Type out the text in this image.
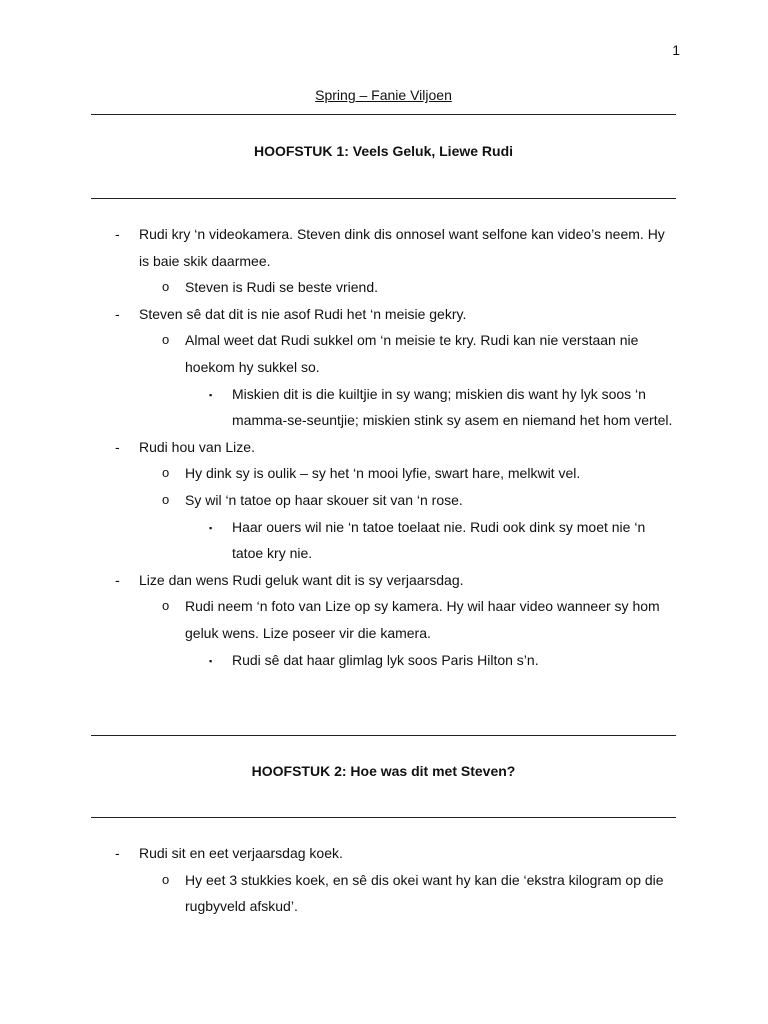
1
Spring – Fanie Viljoen
HOOFSTUK 1: Veels Geluk, Liewe Rudi
- Rudi kry ‘n videokamera. Steven dink dis onnosel want selfone kan video’s neem. Hy is baie skik daarmee.
o Steven is Rudi se beste vriend.
- Steven sê dat dit is nie asof Rudi het ‘n meisie gekry.
o Almal weet dat Rudi sukkel om ‘n meisie te kry. Rudi kan nie verstaan nie hoekom hy sukkel so.
▪ Miskien dit is die kuiltjie in sy wang; miskien dis want hy lyk soos ‘n mamma-se-seuntjie; miskien stink sy asem en niemand het hom vertel.
- Rudi hou van Lize.
o Hy dink sy is oulik – sy het ‘n mooi lyfie, swart hare, melkwit vel.
o Sy wil ‘n tatoe op haar skouer sit van ‘n rose.
▪ Haar ouers wil nie ‘n tatoe toelaat nie. Rudi ook dink sy moet nie ‘n tatoe kry nie.
- Lize dan wens Rudi geluk want dit is sy verjaarsdag.
o Rudi neem ‘n foto van Lize op sy kamera. Hy wil haar video wanneer sy hom geluk wens. Lize poseer vir die kamera.
▪ Rudi sê dat haar glimlag lyk soos Paris Hilton s’n.
HOOFSTUK 2: Hoe was dit met Steven?
- Rudi sit en eet verjaarsdag koek.
o Hy eet 3 stukkies koek, en sê dis okei want hy kan die ‘ekstra kilogram op die rugbyveld afskud’.
